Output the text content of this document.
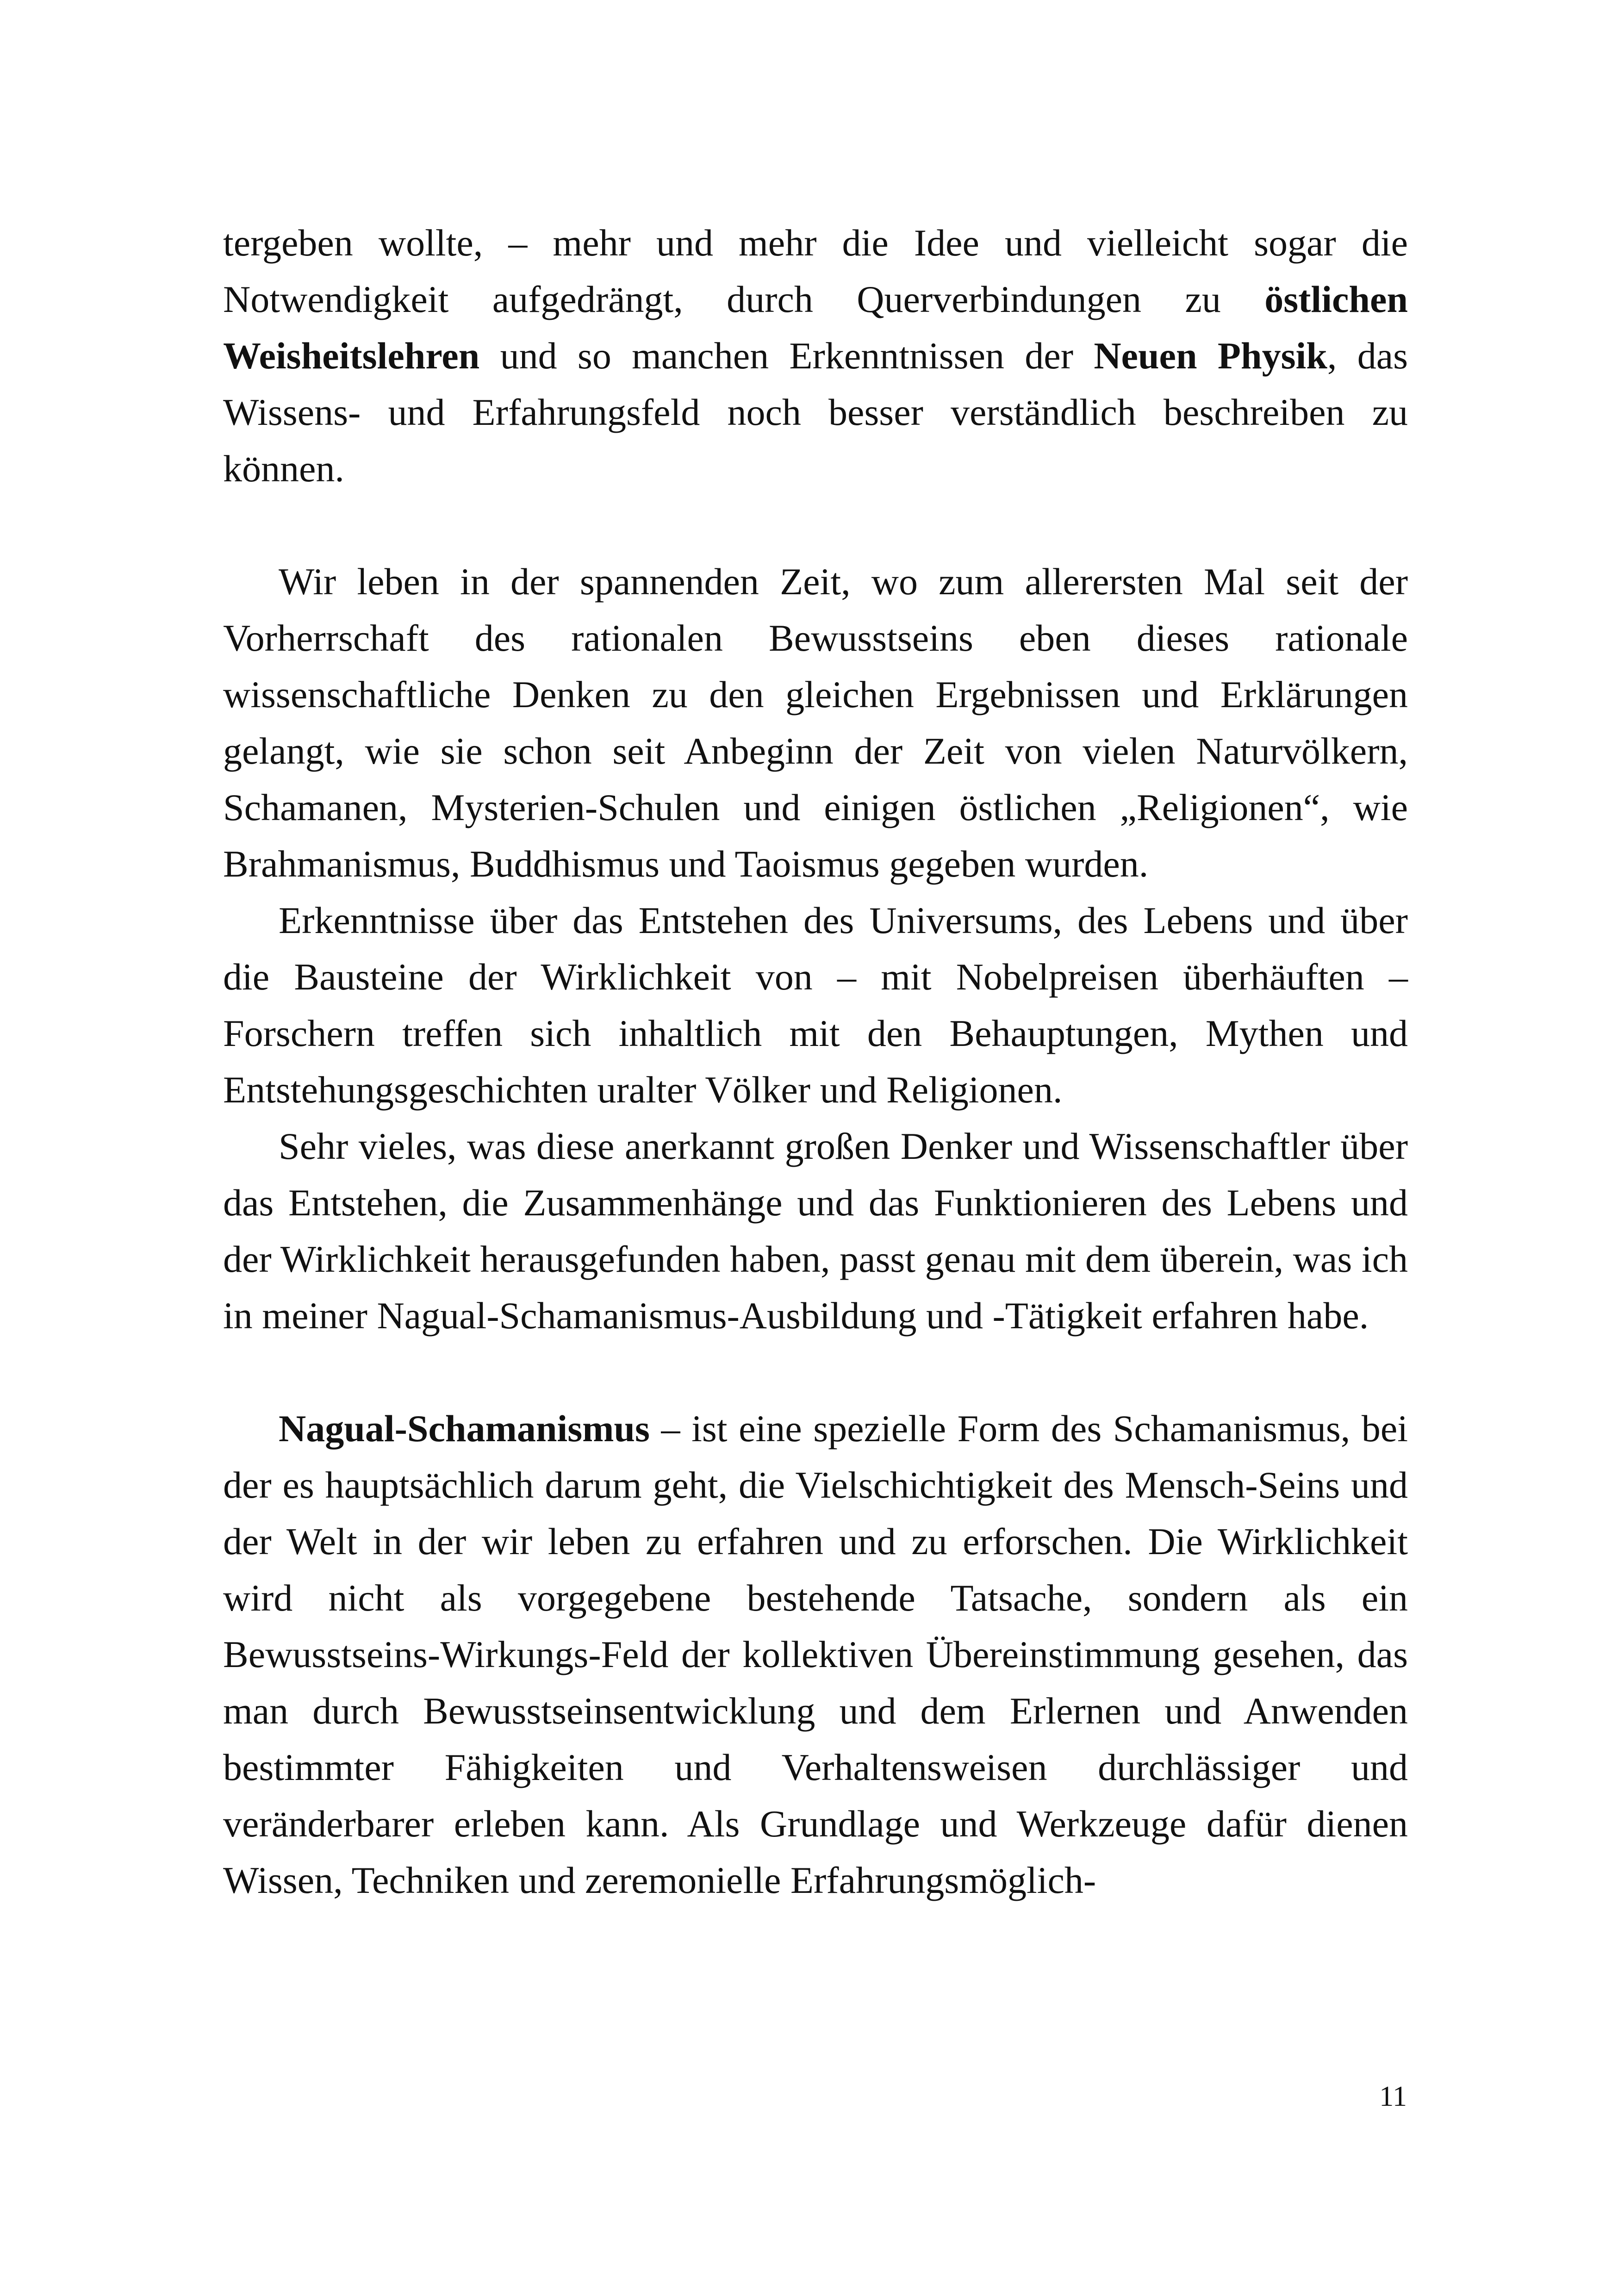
tergeben wollte, – mehr und mehr die Idee und vielleicht sogar die Notwendigkeit aufgedrängt, durch Querverbindungen zu östlichen Weisheitslehren und so manchen Erkenntnissen der Neuen Physik, das Wissens- und Erfahrungsfeld noch besser verständlich beschreiben zu können.

Wir leben in der spannenden Zeit, wo zum allerersten Mal seit der Vorherrschaft des rationalen Bewusstseins eben dieses rationale wissenschaftliche Denken zu den gleichen Ergebnissen und Erklärungen gelangt, wie sie schon seit Anbeginn der Zeit von vielen Naturvölkern, Schamanen, Mysterien-Schulen und einigen östlichen „Religionen“, wie Brahmanismus, Buddhismus und Taoismus gegeben wurden.

Erkenntnisse über das Entstehen des Universums, des Lebens und über die Bausteine der Wirklichkeit von – mit Nobelpreisen überhäuften – Forschern treffen sich inhaltlich mit den Behauptungen, Mythen und Entstehungsgeschichten uralter Völker und Religionen.

Sehr vieles, was diese anerkannt großen Denker und Wissenschaftler über das Entstehen, die Zusammenhänge und das Funktionieren des Lebens und der Wirklichkeit herausgefunden haben, passt genau mit dem überein, was ich in meiner Nagual-Schamanismus-Ausbildung und -Tätigkeit erfahren habe.

Nagual-Schamanismus – ist eine spezielle Form des Schamanismus, bei der es hauptsächlich darum geht, die Vielschichtigkeit des Mensch-Seins und der Welt in der wir leben zu erfahren und zu erforschen. Die Wirklichkeit wird nicht als vorgegebene bestehende Tatsache, sondern als ein Bewusstseins-Wirkungs-Feld der kollektiven Übereinstimmung gesehen, das man durch Bewusstseinsentwicklung und dem Erlernen und Anwenden bestimmter Fähigkeiten und Verhaltensweisen durchlässiger und veränderbarer erleben kann. Als Grundlage und Werkzeuge dafür dienen Wissen, Techniken und zeremonielle Erfahrungsmöglich-

11
